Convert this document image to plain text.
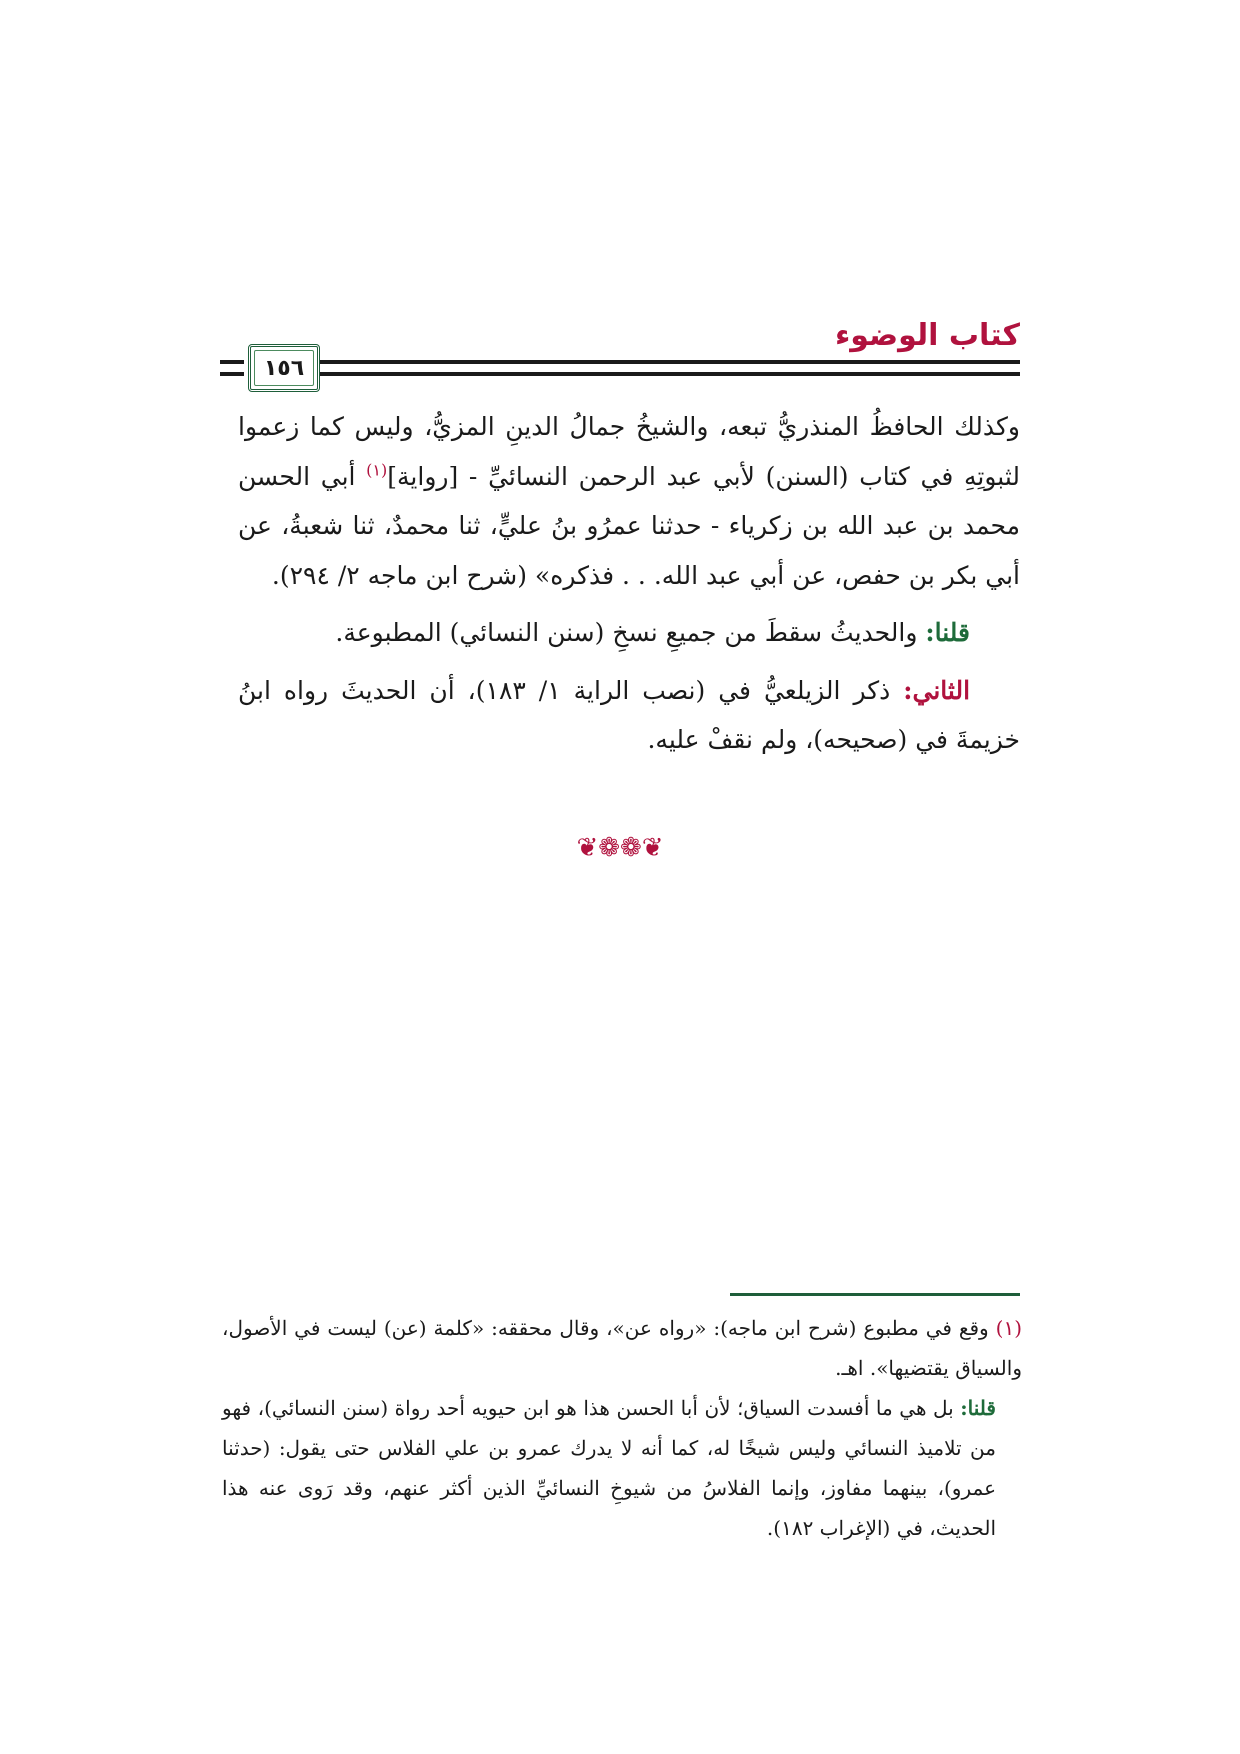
كتاب الوضوء
١٥٦

وكذلك الحافظُ المنذريُّ تبعه، والشيخُ جمالُ الدينِ المزيُّ، وليس كما زعموا لثبوتِهِ في كتاب (السنن) لأبي عبد الرحمن النسائيِّ - [رواية]$^{(١)}$ أبي الحسن محمد بن عبد الله بن زكرياء - حدثنا عمرُو بنُ عليٍّ، ثنا محمدٌ، ثنا شعبةُ، عن أبي بكر بن حفص، عن أبي عبد الله. . . فذكره» (شرح ابن ماجه ٢/ ٢٩٤).

  قلنا: والحديثُ سقطَ من جميعِ نسخِ (سنن النسائي) المطبوعة.

  الثاني: ذكر الزيلعيُّ في (نصب الراية ١/ ١٨٣)، أن الحديثَ رواه ابنُ خزيمةَ في (صحيحه)، ولم نقفْ عليه.

❦❁❁❦

(١) وقع في مطبوع (شرح ابن ماجه): «رواه عن»، وقال محققه: «كلمة (عن) ليست في الأصول، والسياق يقتضيها». اهـ.

قلنا: بل هي ما أفسدت السياق؛ لأن أبا الحسن هذا هو ابن حيويه أحد رواة (سنن النسائي)، فهو من تلاميذ النسائي وليس شيخًا له، كما أنه لا يدرك عمرو بن علي الفلاس حتى يقول: (حدثنا عمرو)، بينهما مفاوز، وإنما الفلاسُ من شيوخِ النسائيِّ الذين أكثر عنهم، وقد رَوى عنه هذا الحديث، في (الإغراب ١٨٢).
